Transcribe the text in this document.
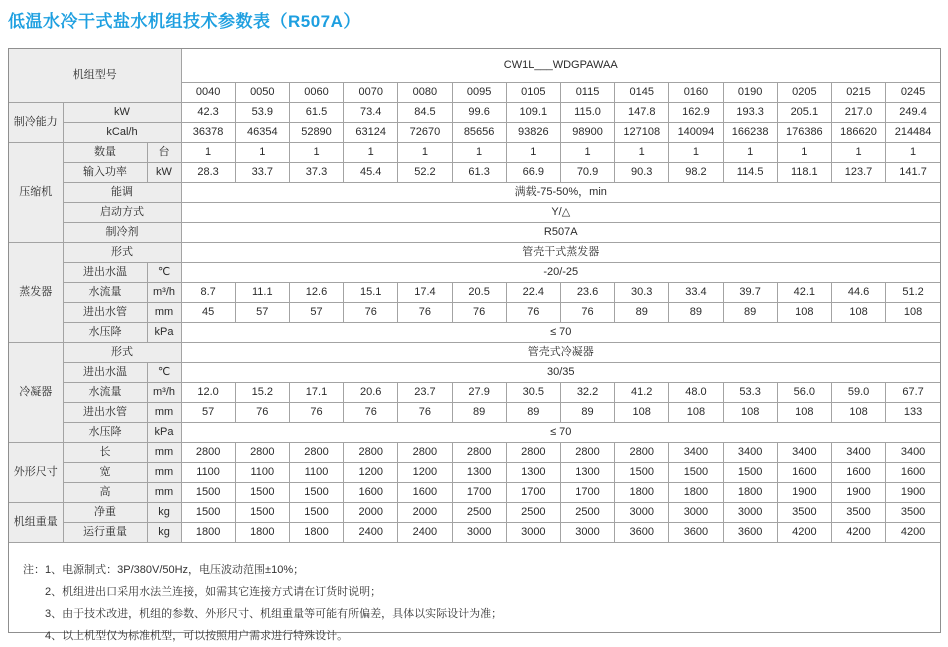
低温水冷干式盐水机组技术参数表（R507A）
机组型号			CW1L___WDGPAWAA													
			0040	0050	0060	0070	0080	0095	0105	0115	0145	0160	0190	0205	0215	0245
制冷能力	kW		42.3	53.9	61.5	73.4	84.5	99.6	109.1	115.0	147.8	162.9	193.3	205.1	217.0	249.4
	kCal/h		36378	46354	52890	63124	72670	85656	93826	98900	127108	140094	166238	176386	186620	214484
压缩机	数量	台	1	1	1	1	1	1	1	1	1	1	1	1	1	1
	输入功率	kW	28.3	33.7	37.3	45.4	52.2	61.3	66.9	70.9	90.3	98.2	114.5	118.1	123.7	141.7
	能调		满载-75-50%，min													
	启动方式		Y/△													
	制冷剂		R507A													
蒸发器	形式		管壳干式蒸发器													
	进出水温	℃	-20/-25													
	水流量	m³/h	8.7	11.1	12.6	15.1	17.4	20.5	22.4	23.6	30.3	33.4	39.7	42.1	44.6	51.2
	进出水管	mm	45	57	57	76	76	76	76	76	89	89	89	108	108	108
	水压降	kPa	≤ 70													
冷凝器	形式		管壳式冷凝器													
	进出水温	℃	30/35													
	水流量	m³/h	12.0	15.2	17.1	20.6	23.7	27.9	30.5	32.2	41.2	48.0	53.3	56.0	59.0	67.7
	进出水管	mm	57	76	76	76	76	89	89	89	108	108	108	108	108	133
	水压降	kPa	≤ 70													
外形尺寸	长	mm	2800	2800	2800	2800	2800	2800	2800	2800	2800	3400	3400	3400	3400	3400
	宽	mm	1100	1100	1100	1200	1200	1300	1300	1300	1500	1500	1500	1600	1600	1600
	高	mm	1500	1500	1500	1600	1600	1700	1700	1700	1800	1800	1800	1900	1900	1900
机组重量	净重	kg	1500	1500	1500	2000	2000	2500	2500	2500	3000	3000	3000	3500	3500	3500
	运行重量	kg	1800	1800	1800	2400	2400	3000	3000	3000	3600	3600	3600	4200	4200	4200
注： 1、电源制式：3P/380V/50Hz，电压波动范围±10%；
2、机组进出口采用水法兰连接，如需其它连接方式请在订货时说明；
3、由于技术改进，机组的参数、外形尺寸、机组重量等可能有所偏差，具体以实际设计为准；
4、以上机型仅为标准机型，可以按照用户需求进行特殊设计。
